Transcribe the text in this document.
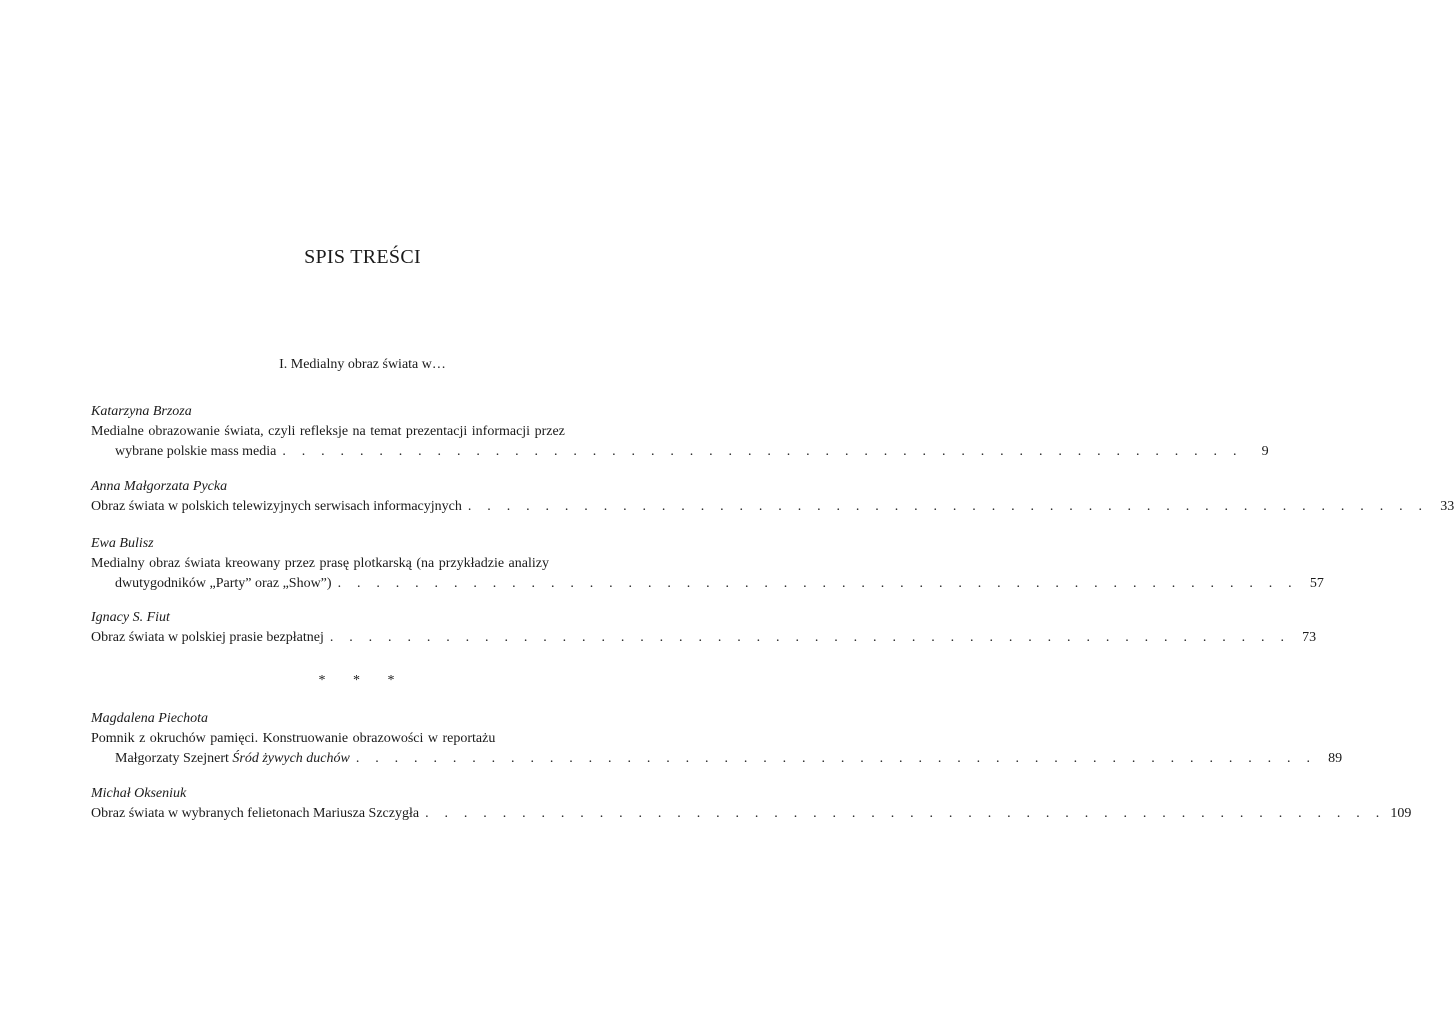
SPIS TREŚCI
I. Medialny obraz świata w…
Katarzyna Brzoza
Medialne obrazowanie świata, czyli refleksje na temat prezentacji informacji przez
wybrane polskie mass media . . . . . . . . . . . . . . . . . . . . . . . . . . . . . . . . . . . . . . . . . . . . . . . . . .	9
Anna Małgorzata Pycka
Obraz świata w polskich telewizyjnych serwisach informacyjnych . . . . . . . . . . . . . . . . . . . . . . . . . . . . . . . . . . . . . . . . . . . . . . . . . . 33
Ewa Bulisz
Medialny obraz świata kreowany przez prasę plotkarską (na przykładzie analizy
dwutygodników „Party” oraz „Show”) . . . . . . . . . . . . . . . . . . . . . . . . . . . . . . . . . . . . . . . . . . . . . . . . . . 57
Ignacy S. Fiut
Obraz świata w polskiej prasie bezpłatnej . . . . . . . . . . . . . . . . . . . . . . . . . . . . . . . . . . . . . . . . . . . . . . . . . . 73
* * *
Magdalena Piechota
Pomnik z okruchów pamięci. Konstruowanie obrazowości w reportażu
Małgorzaty Szejnert Śród żywych duchów . . . . . . . . . . . . . . . . . . . . . . . . . . . . . . . . . . . . . . . . . . . . . . . . . . 89
Michał Okseniuk
Obraz świata w wybranych felietonach Mariusza Szczygła . . . . . . . . . . . . . . . . . . . . . . . . . . . . . . . . . . . . . . . . . . . . . . . . . . 109
